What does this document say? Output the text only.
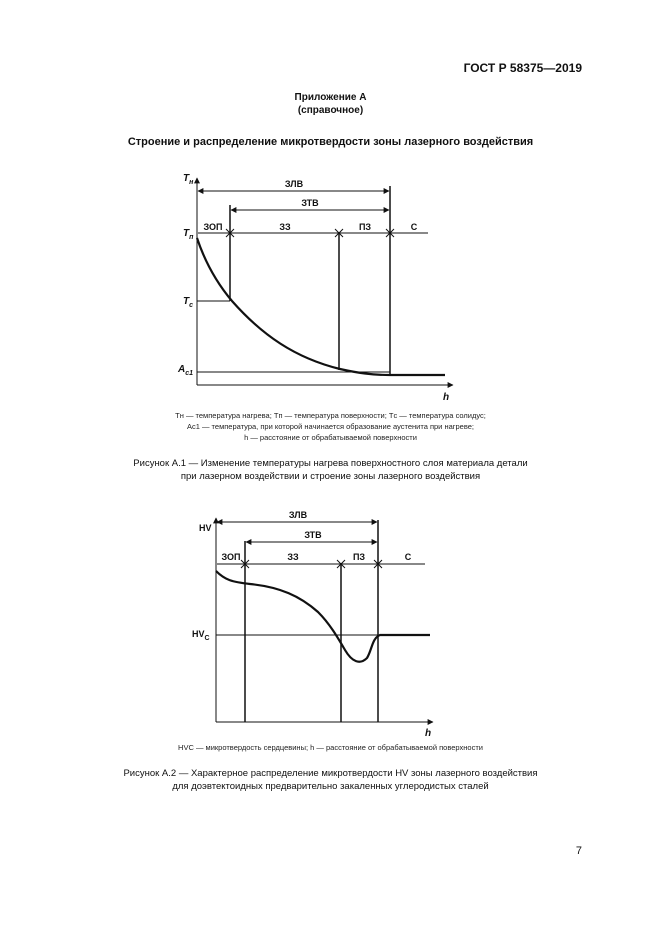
ГОСТ Р 58375—2019
Приложение А
(справочное)
Строение и распределение микротвердости зоны лазерного воздействия
$T_н$
$T_п$
$T_с$
$A_{c1}$
h
ЗЛВ
ЗТВ
ЗОП	ЗЗ	ПЗ	С
HV
$HV_C$
h
ЗЛВ
ЗТВ
ЗОП	ЗЗ	ПЗ	С
Tн — температура нагрева; Tп — температура поверхности; Tс — температура солидус;
Aс1 — температура, при которой начинается образование аустенита при нагреве;
h — расстояние от обрабатываемой поверхности
Рисунок А.1 — Изменение температуры нагрева поверхностного слоя материала детали
при лазерном воздействии и строение зоны лазерного воздействия
HVC — микротвердость сердцевины; h — расстояние от обрабатываемой поверхности
Рисунок А.2 — Характерное распределение микротвердости HV зоны лазерного воздействия
для доэвтектоидных предварительно закаленных углеродистых сталей
7
